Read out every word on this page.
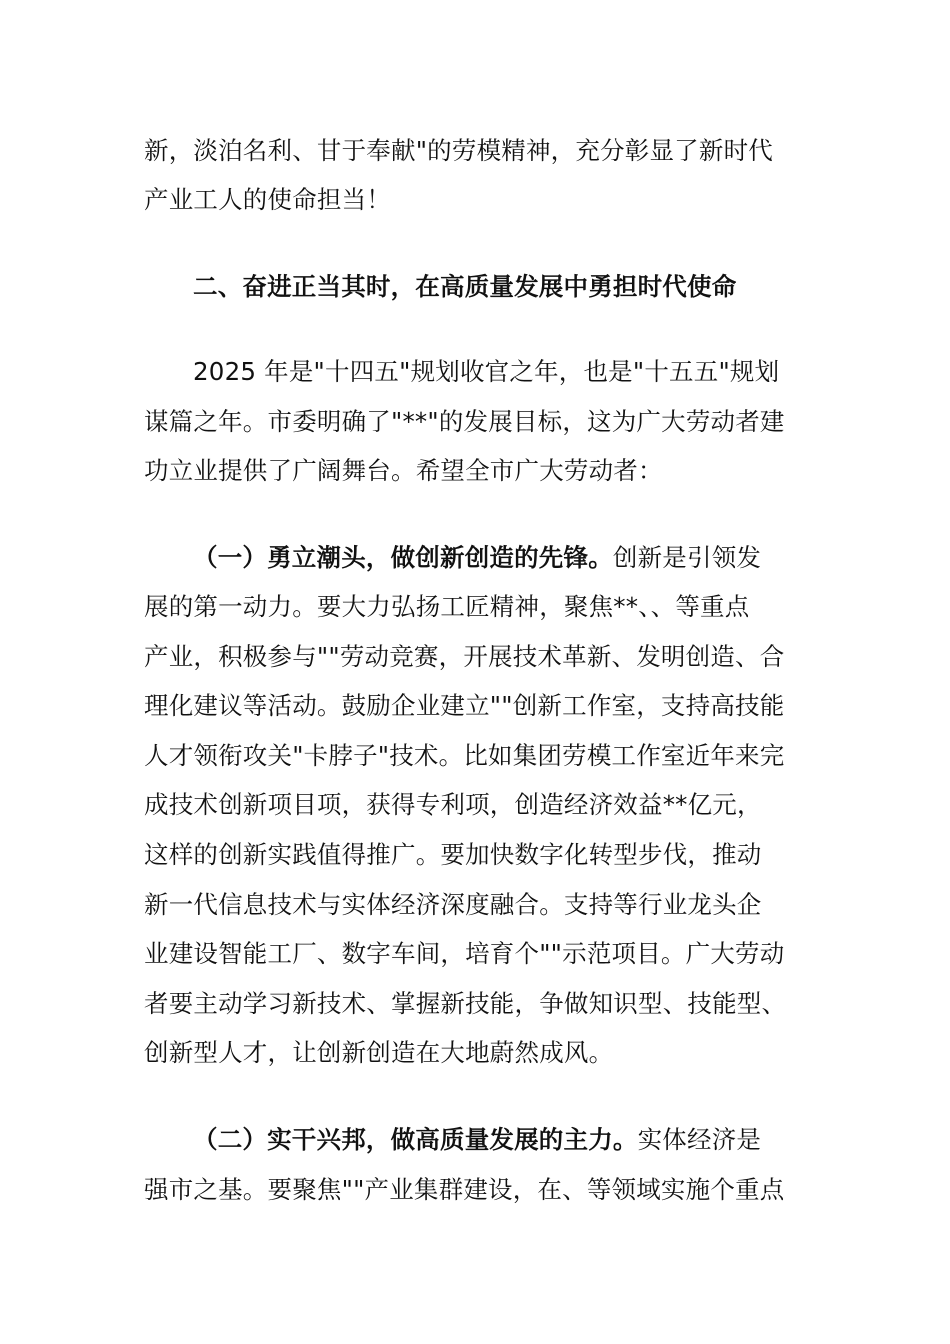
新，淡泊名利、甘于奉献"的劳模精神，充分彰显了新时代
产业工人的使命担当！
二、奋进正当其时，在高质量发展中勇担时代使命
2025 年是"十四五"规划收官之年，也是"十五五"规划
谋篇之年。市委明确了"**"的发展目标，这为广大劳动者建
功立业提供了广阔舞台。希望全市广大劳动者：
（一）勇立潮头，做创新创造的先锋。创新是引领发
展的第一动力。要大力弘扬工匠精神，聚焦**、、等重点
产业，积极参与""劳动竞赛，开展技术革新、发明创造、合
理化建议等活动。鼓励企业建立""创新工作室，支持高技能
人才领衔攻关"卡脖子"技术。比如集团劳模工作室近年来完
成技术创新项目项，获得专利项，创造经济效益**亿元，
这样的创新实践值得推广。要加快数字化转型步伐，推动
新一代信息技术与实体经济深度融合。支持等行业龙头企
业建设智能工厂、数字车间，培育个""示范项目。广大劳动
者要主动学习新技术、掌握新技能，争做知识型、技能型、
创新型人才，让创新创造在大地蔚然成风。
（二）实干兴邦，做高质量发展的主力。实体经济是
强市之基。要聚焦""产业集群建设，在、等领域实施个重点
